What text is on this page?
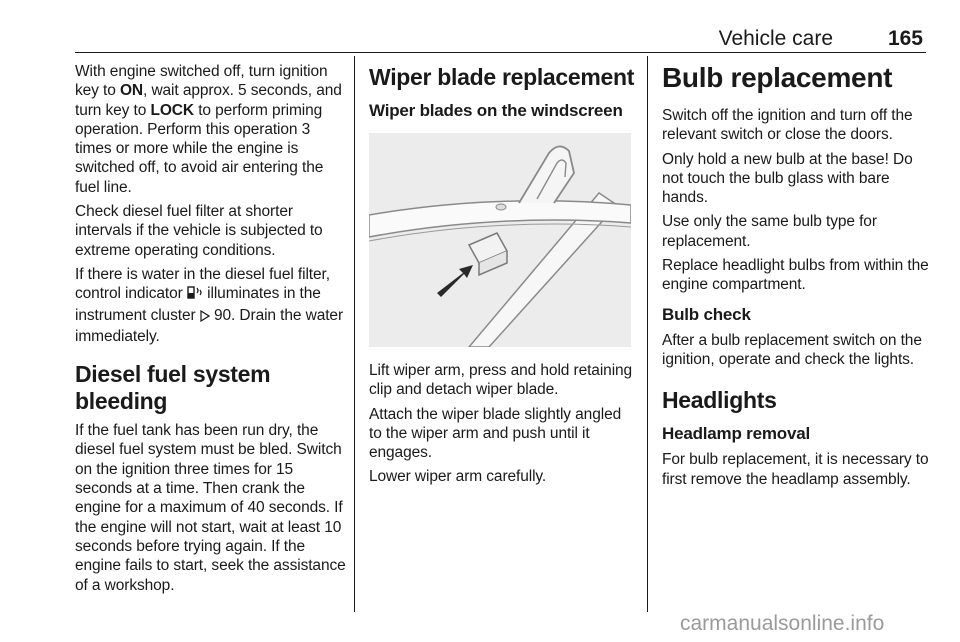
Vehicle care	165

With engine switched off, turn ignition key to ON, wait approx. 5 seconds, and turn key to LOCK to perform priming operation. Perform this operation 3 times or more while the engine is switched off, to avoid air entering the fuel line.

Check diesel fuel filter at shorter intervals if the vehicle is subjected to extreme operating conditions.

If there is water in the diesel fuel filter, control indicator  illuminates in the instrument cluster  90. Drain the water immediately.

Diesel fuel system bleeding

If the fuel tank has been run dry, the diesel fuel system must be bled. Switch on the ignition three times for 15 seconds at a time. Then crank the engine for a maximum of 40 seconds. If the engine will not start, wait at least 10 seconds before trying again. If the engine fails to start, seek the assistance of a workshop.

Wiper blade replacement
Wiper blades on the windscreen

Lift wiper arm, press and hold retaining clip and detach wiper blade.

Attach the wiper blade slightly angled to the wiper arm and push until it engages.

Lower wiper arm carefully.

Bulb replacement

Switch off the ignition and turn off the relevant switch or close the doors.

Only hold a new bulb at the base! Do not touch the bulb glass with bare hands.

Use only the same bulb type for replacement.

Replace headlight bulbs from within the engine compartment.

Bulb check

After a bulb replacement switch on the ignition, operate and check the lights.

Headlights
Headlamp removal

For bulb replacement, it is necessary to first remove the headlamp assembly.

carmanualsonline.info
